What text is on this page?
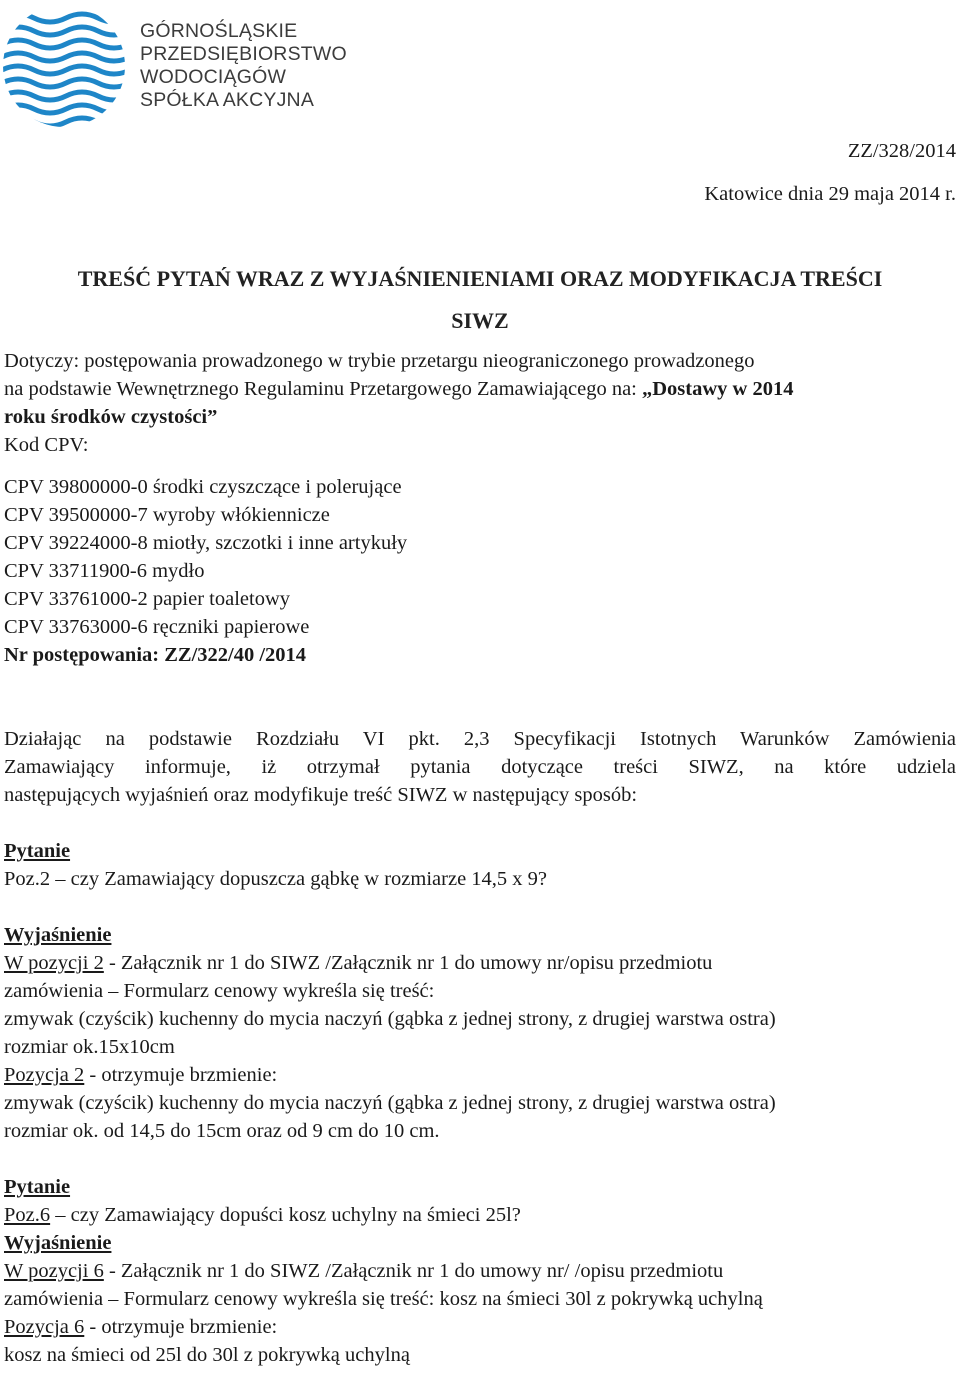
GÓRNOŚLĄSKIE
PRZEDSIĘBIORSTWO
WODOCIĄGÓW
SPÓŁKA AKCYJNA
ZZ/328/2014
Katowice dnia 29 maja 2014 r.
TREŚĆ PYTAŃ WRAZ Z WYJAŚNIENIENIAMI ORAZ MODYFIKACJA TREŚCI
SIWZ
Dotyczy: postępowania prowadzonego w trybie przetargu nieograniczonego prowadzonego
na podstawie Wewnętrznego Regulaminu Przetargowego Zamawiającego na: „Dostawy w 2014
roku środków czystości”
Kod CPV:
CPV 39800000-0 środki czyszczące i polerujące
CPV 39500000-7 wyroby włókiennicze
CPV 39224000-8 miotły, szczotki i inne artykuły
CPV 33711900-6 mydło
CPV 33761000-2 papier toaletowy
CPV 33763000-6 ręczniki papierowe
Nr postępowania: ZZ/322/40 /2014
Działając na podstawie Rozdziału VI pkt. 2,3 Specyfikacji Istotnych Warunków Zamówienia
Zamawiający informuje, iż otrzymał pytania dotyczące treści SIWZ, na które udziela
następujących wyjaśnień oraz modyfikuje treść SIWZ w następujący sposób:
Pytanie
Poz.2 – czy Zamawiający dopuszcza gąbkę w rozmiarze 14,5 x 9?
Wyjaśnienie
W pozycji 2 - Załącznik nr 1 do SIWZ /Załącznik nr 1 do umowy nr/opisu przedmiotu
zamówienia – Formularz cenowy wykreśla się treść:
zmywak (czyścik) kuchenny do mycia naczyń (gąbka z jednej strony, z drugiej warstwa ostra)
rozmiar ok.15x10cm
Pozycja 2 - otrzymuje brzmienie:
zmywak (czyścik) kuchenny do mycia naczyń (gąbka z jednej strony, z drugiej warstwa ostra)
rozmiar ok. od 14,5 do 15cm oraz od 9 cm do 10 cm.
Pytanie
Poz.6 – czy Zamawiający dopuści kosz uchylny na śmieci 25l?
Wyjaśnienie
W pozycji 6 - Załącznik nr 1 do SIWZ /Załącznik nr 1 do umowy nr/ /opisu przedmiotu
zamówienia – Formularz cenowy wykreśla się treść: kosz na śmieci 30l z pokrywką uchylną
Pozycja 6 - otrzymuje brzmienie:
kosz na śmieci od 25l do 30l z pokrywką uchylną
